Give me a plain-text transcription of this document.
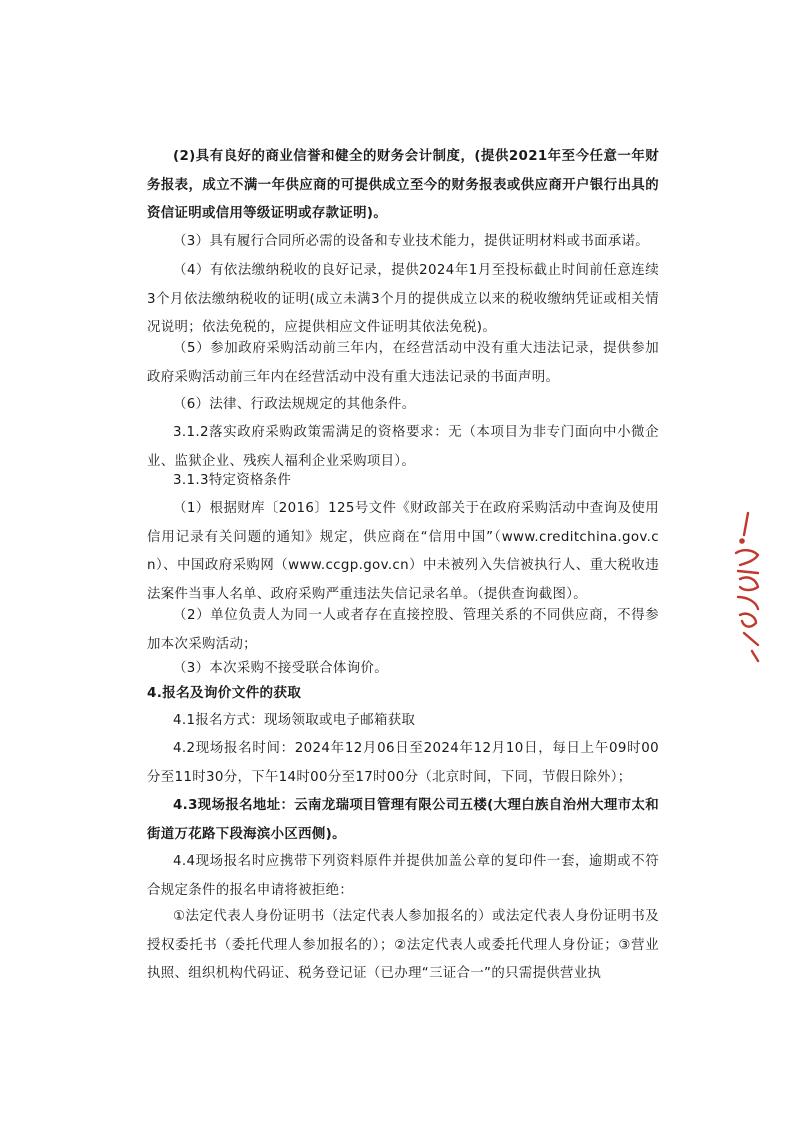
(2)具有良好的商业信誉和健全的财务会计制度，(提供2021年至今任意一年财务报表，成立不满一年供应商的可提供成立至今的财务报表或供应商开户银行出具的资信证明或信用等级证明或存款证明)。

（3）具有履行合同所必需的设备和专业技术能力，提供证明材料或书面承诺。

（4）有依法缴纳税收的良好记录，提供2024年1月至投标截止时间前任意连续3个月依法缴纳税收的证明(成立未满3个月的提供成立以来的税收缴纳凭证或相关情况说明；依法免税的，应提供相应文件证明其依法免税)。

（5）参加政府采购活动前三年内，在经营活动中没有重大违法记录，提供参加政府采购活动前三年内在经营活动中没有重大违法记录的书面声明。

（6）法律、行政法规规定的其他条件。

3.1.2落实政府采购政策需满足的资格要求：无（本项目为非专门面向中小微企业、监狱企业、残疾人福利企业采购项目）。

3.1.3特定资格条件

（1）根据财库〔2016〕125号文件《财政部关于在政府采购活动中查询及使用信用记录有关问题的通知》规定，供应商在“信用中国”（www.creditchina.gov.cn）、中国政府采购网（www.ccgp.gov.cn）中未被列入失信被执行人、重大税收违法案件当事人名单、政府采购严重违法失信记录名单。（提供查询截图）。

（2）单位负责人为同一人或者存在直接控股、管理关系的不同供应商，不得参加本次采购活动；

（3）本次采购不接受联合体询价。

4.报名及询价文件的获取

4.1报名方式：现场领取或电子邮箱获取

4.2现场报名时间：2024年12月06日至2024年12月10日，每日上午09时00分至11时30分，下午14时00分至17时00分（北京时间，下同，节假日除外）；

4.3现场报名地址：云南龙瑞项目管理有限公司五楼(大理白族自治州大理市太和街道万花路下段海滨小区西侧)。

4.4现场报名时应携带下列资料原件并提供加盖公章的复印件一套，逾期或不符合规定条件的报名申请将被拒绝：

①法定代表人身份证明书（法定代表人参加报名的）或法定代表人身份证明书及授权委托书（委托代理人参加报名的）；②法定代表人或委托代理人身份证；③营业执照、组织机构代码证、税务登记证（已办理“三证合一”的只需提供营业执
